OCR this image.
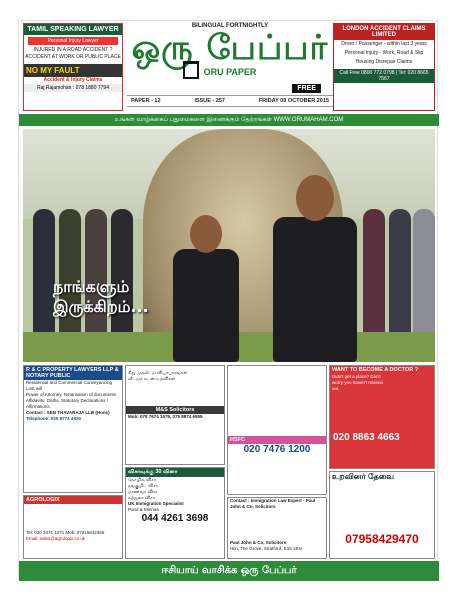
TAMIL SPEAKING LAWYER
Personal Injury Lawyer
INJURED IN A ROAD ACCIDENT ?
ACCIDENT AT WORK OR PUBLIC PLACE
NO MY FAULT
Accident & Injury Claims
Raj Rajamohan : 078 1880 7794
BILINGUAL FORTNIGHTLY
ஒரு பேப்பர்
ORU PAPER
FREE
LONDON ACCIDENT CLAIMS LIMITED
Driver / Passenger - within last 3 years
Personal Injury - Work, Road & Slip
Housing Disrepair Claims
Call Free 0800 772 0798 | Tel: 020 8665 7567
PAPER - 12	ISSUE - 257	FRIDAY 09 OCTOBER 2015
உங்கள் வாழ்க்கைப் புதுமைகளை இணைக்கும் தேற்றங்கள் WWW.ORUMAHAM.COM
நாங்களும்
இருக்கிறம்...
R & C PROPERTY LAWYERS LLP & NOTARY PUBLIC
Residential and Commercial Conveyancing
Lost will
Power of Attorney, Notarisation of documents
Affidavits, Oaths, Statutory Declarations / Affirmations
Contact : SEN THAVARAJA LLB (Hons)
Telephone: 020 8772 4920
AGROLOGIX
Tel: 020 3371 1271 Mob: 07915842365
Email: sales@agrologix.co.uk
சிறு முதலீட்டு வியாபாரங்கள்
வீட்டுக் கடன் உதவிகள்
M&S Solicitors
Mob: 078 7674 1575, 075 8874 6559
விசாவுக்கு 30 வினா
தொழில் விசா
தங்குமிட விசா
மாணவர் விசா
சுற்றுலா விசா
UK Immigration Specialist
Pond & Minnaa
044 4261 3698
HSFC
020 7476 1200
Contact : Immigration Law Expert - Paul John & Co, Solicitors
Paul John & Co, Solicitors
Hiin, The Grove, Stratford, E15 1EN
WANT TO BECOME A DOCTOR ?
Didn't get a place? Don't worry you haven't missed out.
020 8863 4663
உறவினர் தேவை
07958429470
ஈசியாய் வாசிக்க ஒரு பேப்பர்
